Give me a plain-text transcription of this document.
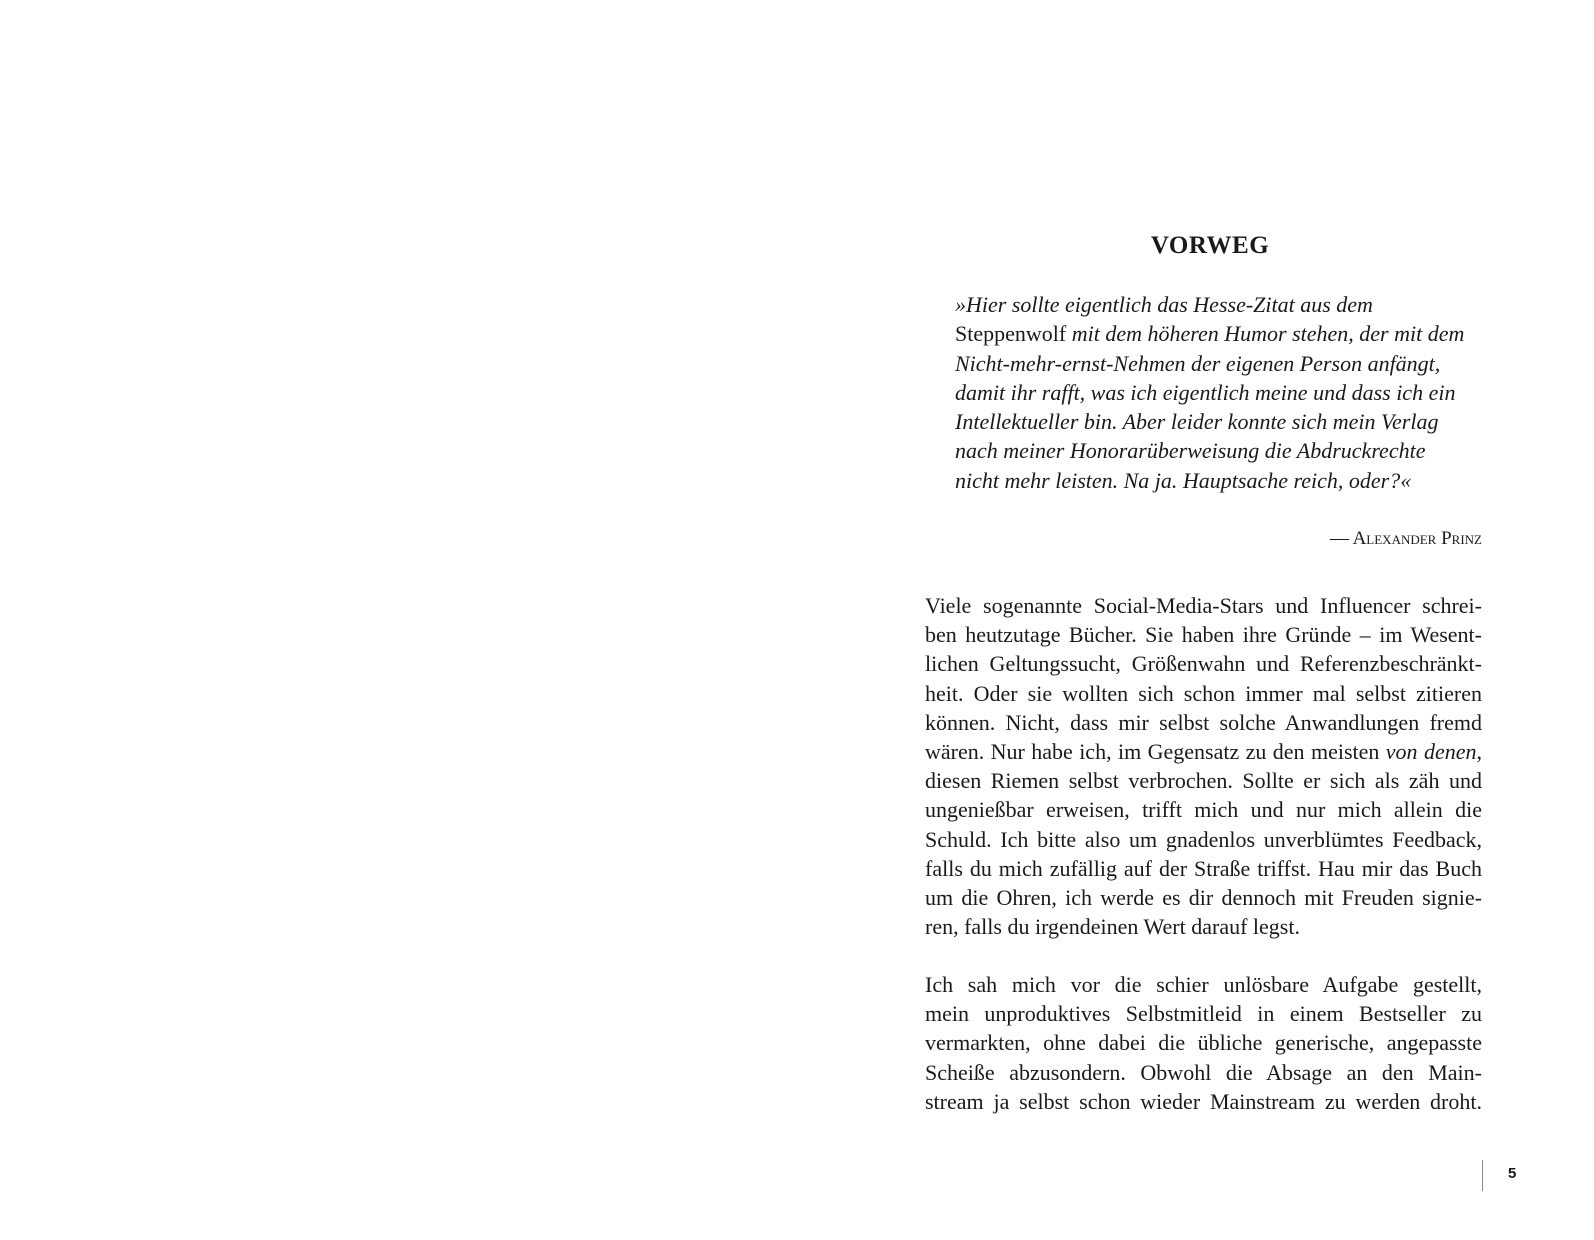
VORWEG
»Hier sollte eigentlich das Hesse-Zitat aus dem
Steppenwolf mit dem höheren Humor stehen, der mit dem
Nicht-mehr-ernst-Nehmen der eigenen Person anfängt,
damit ihr rafft, was ich eigentlich meine und dass ich ein
Intellektueller bin. Aber leider konnte sich mein Verlag
nach meiner Honorarüberweisung die Abdruckrechte
nicht mehr leisten. Na ja. Hauptsache reich, oder?«

— Alexander Prinz

Viele sogenannte Social-Media-Stars und Influencer schrei-
ben heutzutage Bücher. Sie haben ihre Gründe – im Wesent-
lichen Geltungssucht, Größenwahn und Referenzbeschränkt-
heit. Oder sie wollten sich schon immer mal selbst zitieren
können. Nicht, dass mir selbst solche Anwandlungen fremd
wären. Nur habe ich, im Gegensatz zu den meisten von denen,
diesen Riemen selbst verbrochen. Sollte er sich als zäh und
ungenießbar erweisen, trifft mich und nur mich allein die
Schuld. Ich bitte also um gnadenlos unverblümtes Feedback,
falls du mich zufällig auf der Straße triffst. Hau mir das Buch
um die Ohren, ich werde es dir dennoch mit Freuden signie-
ren, falls du irgendeinen Wert darauf legst.
Ich sah mich vor die schier unlösbare Aufgabe gestellt,
mein unproduktives Selbstmitleid in einem Bestseller zu
vermarkten, ohne dabei die übliche generische, angepasste
Scheiße abzusondern. Obwohl die Absage an den Main-
stream ja selbst schon wieder Mainstream zu werden droht.

5
